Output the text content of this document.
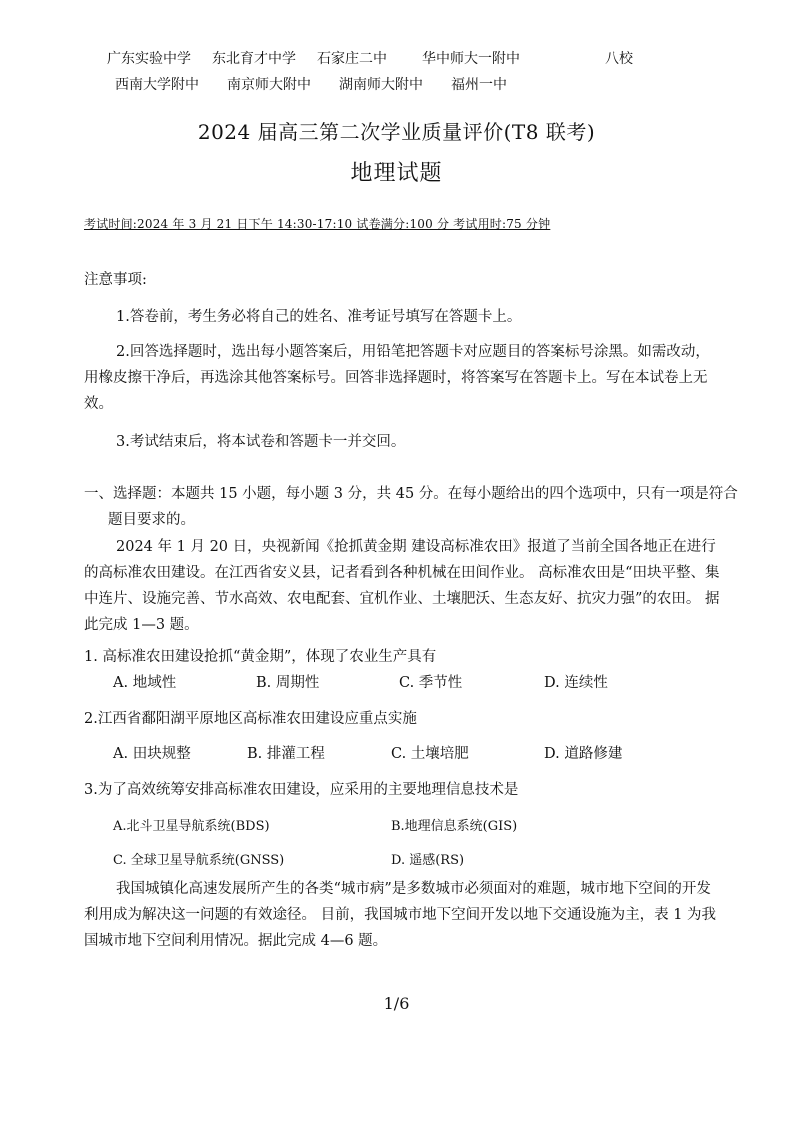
广东实验中学 东北育才中学 石家庄二中	华中师大一附中	八校
西南大学附中 南京师大附中 湖南师大附中 福州一中
2024 届高三第二次学业质量评价(T8 联考)
地理试题
考试时间:2024 年 3 月 21 日下午 14:30-17:10 试卷满分:100 分 考试用时:75 分钟
注意事项:
1.答卷前，考生务必将自己的姓名、准考证号填写在答题卡上。
2.回答选择题时，选出每小题答案后，用铅笔把答题卡对应题目的答案标号涂黑。如需改动，用橡皮擦干净后，再选涂其他答案标号。回答非选择题时，将答案写在答题卡上。写在本试卷上无效。
3.考试结束后，将本试卷和答题卡一并交回。
一、选择题：本题共 15 小题，每小题 3 分，共 45 分。在每小题给出的四个选项中，只有一项是符合题目要求的。
2024 年 1 月 20 日，央视新闻《抢抓黄金期 建设高标准农田》报道了当前全国各地正在进行的高标准农田建设。在江西省安义县，记者看到各种机械在田间作业。 高标准农田是“田块平整、集中连片、设施完善、节水高效、农电配套、宜机作业、土壤肥沃、生态友好、抗灾力强”的农田。 据此完成 1—3 题。
1. 高标准农田建设抢抓“黄金期”，体现了农业生产具有
A. 地域性	B. 周期性	C. 季节性	D. 连续性
2.江西省鄱阳湖平原地区高标准农田建设应重点实施
A. 田块规整	B. 排灌工程	C. 土壤培肥	D. 道路修建
3.为了高效统筹安排高标准农田建设，应采用的主要地理信息技术是
A.北斗卫星导航系统(BDS)	B.地理信息系统(GIS)
C. 全球卫星导航系统(GNSS)	D. 遥感(RS)
我国城镇化高速发展所产生的各类“城市病”是多数城市必须面对的难题，城市地下空间的开发利用成为解决这一问题的有效途径。 目前，我国城市地下空间开发以地下交通设施为主，表 1 为我国城市地下空间利用情况。据此完成 4—6 题。
1/6
